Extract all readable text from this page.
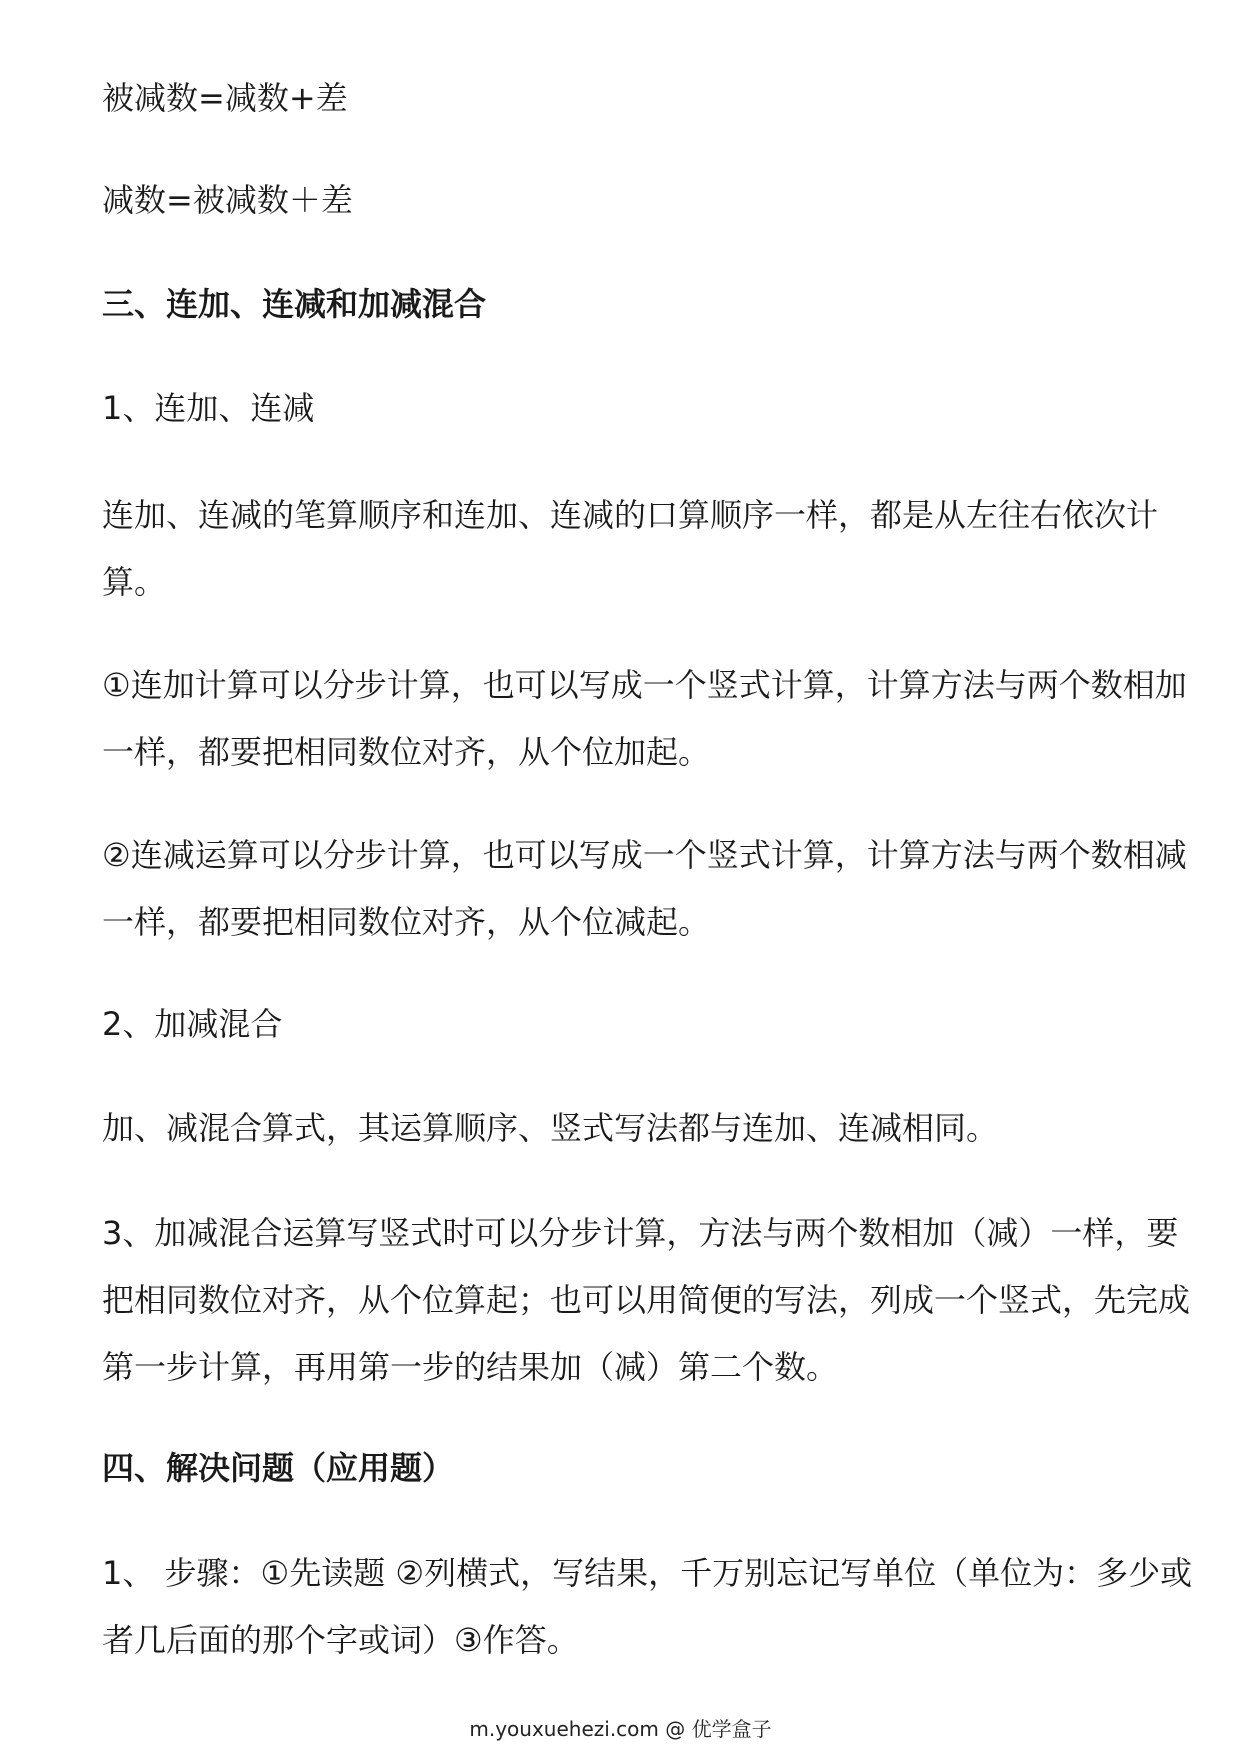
被减数=减数+差
减数=被减数＋差
三、连加、连减和加减混合
1、连加、连减
连加、连减的笔算顺序和连加、连减的口算顺序一样，都是从左往右依次计算。
①连加计算可以分步计算，也可以写成一个竖式计算，计算方法与两个数相加一样，都要把相同数位对齐，从个位加起。
②连减运算可以分步计算，也可以写成一个竖式计算，计算方法与两个数相减一样，都要把相同数位对齐，从个位减起。
2、加减混合
加、减混合算式，其运算顺序、竖式写法都与连加、连减相同。
3、加减混合运算写竖式时可以分步计算，方法与两个数相加（减）一样，要把相同数位对齐，从个位算起；也可以用简便的写法，列成一个竖式，先完成第一步计算，再用第一步的结果加（减）第二个数。
四、解决问题（应用题）
1、 步骤：①先读题 ②列横式，写结果，千万别忘记写单位（单位为：多少或者几后面的那个字或词）③作答。
m.youxuehezi.com @ 优学盒子
